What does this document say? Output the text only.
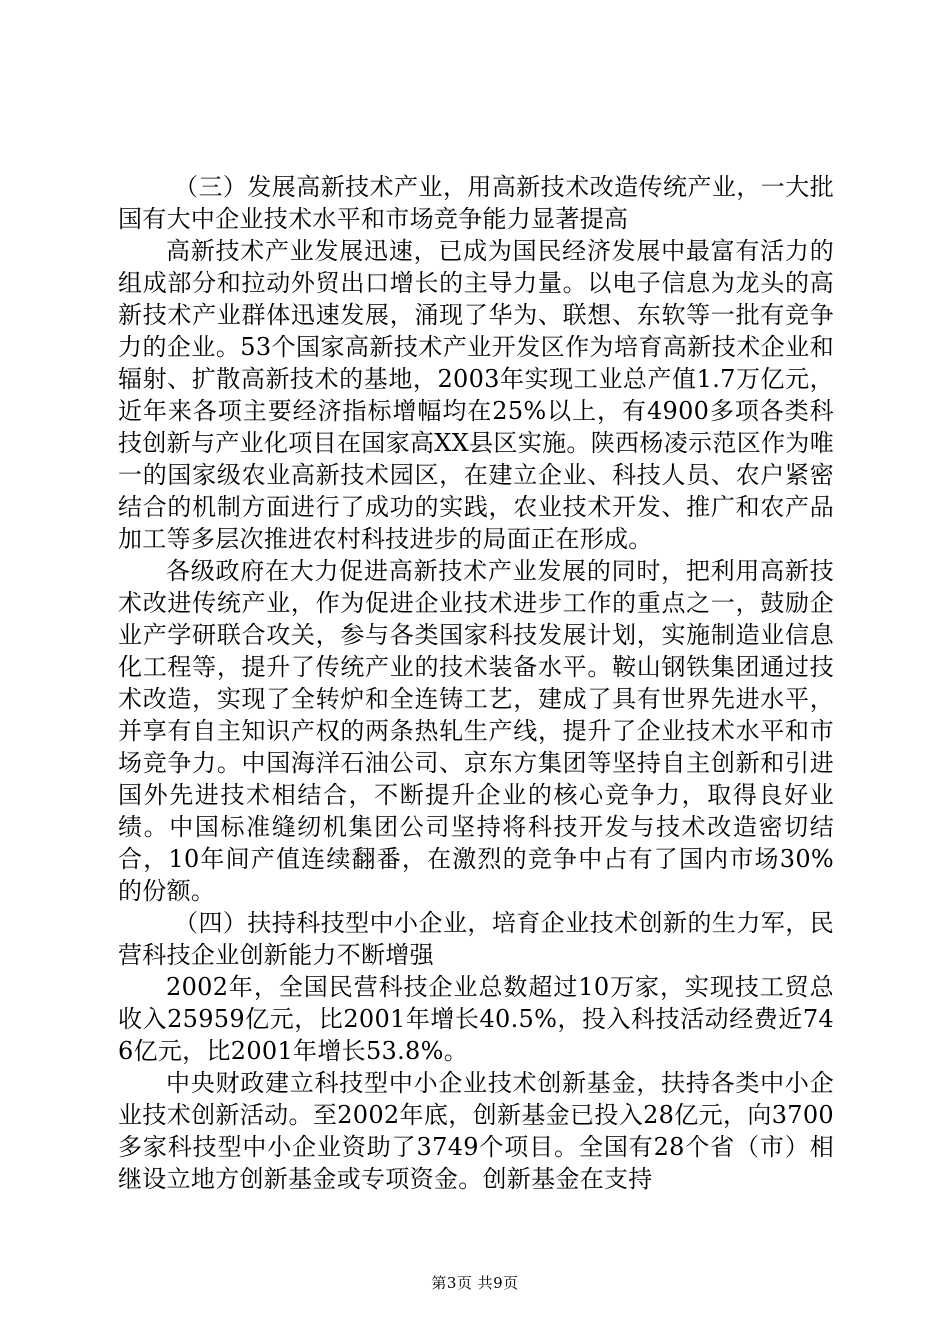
（三）发展高新技术产业，用高新技术改造传统产业，一大批国有大中企业技术水平和市场竞争能力显著提高

高新技术产业发展迅速，已成为国民经济发展中最富有活力的组成部分和拉动外贸出口增长的主导力量。以电子信息为龙头的高新技术产业群体迅速发展，涌现了华为、联想、东软等一批有竞争力的企业。53个国家高新技术产业开发区作为培育高新技术企业和辐射、扩散高新技术的基地，2003年实现工业总产值1.7万亿元，近年来各项主要经济指标增幅均在25%以上，有4900多项各类科技创新与产业化项目在国家高XX县区实施。陕西杨凌示范区作为唯一的国家级农业高新技术园区，在建立企业、科技人员、农户紧密结合的机制方面进行了成功的实践，农业技术开发、推广和农产品加工等多层次推进农村科技进步的局面正在形成。

各级政府在大力促进高新技术产业发展的同时，把利用高新技术改进传统产业，作为促进企业技术进步工作的重点之一，鼓励企业产学研联合攻关，参与各类国家科技发展计划，实施制造业信息化工程等，提升了传统产业的技术装备水平。鞍山钢铁集团通过技术改造，实现了全转炉和全连铸工艺，建成了具有世界先进水平，并享有自主知识产权的两条热轧生产线，提升了企业技术水平和市场竞争力。中国海洋石油公司、京东方集团等坚持自主创新和引进国外先进技术相结合，不断提升企业的核心竞争力，取得良好业绩。中国标准缝纫机集团公司坚持将科技开发与技术改造密切结合，10年间产值连续翻番，在激烈的竞争中占有了国内市场30%的份额。

（四）扶持科技型中小企业，培育企业技术创新的生力军，民营科技企业创新能力不断增强

2002年，全国民营科技企业总数超过10万家，实现技工贸总收入25959亿元，比2001年增长40.5%，投入科技活动经费近746亿元，比2001年增长53.8%。

中央财政建立科技型中小企业技术创新基金，扶持各类中小企业技术创新活动。至2002年底，创新基金已投入28亿元，向3700多家科技型中小企业资助了3749个项目。全国有28个省（市）相继设立地方创新基金或专项资金。创新基金在支持

第3页 共9页
